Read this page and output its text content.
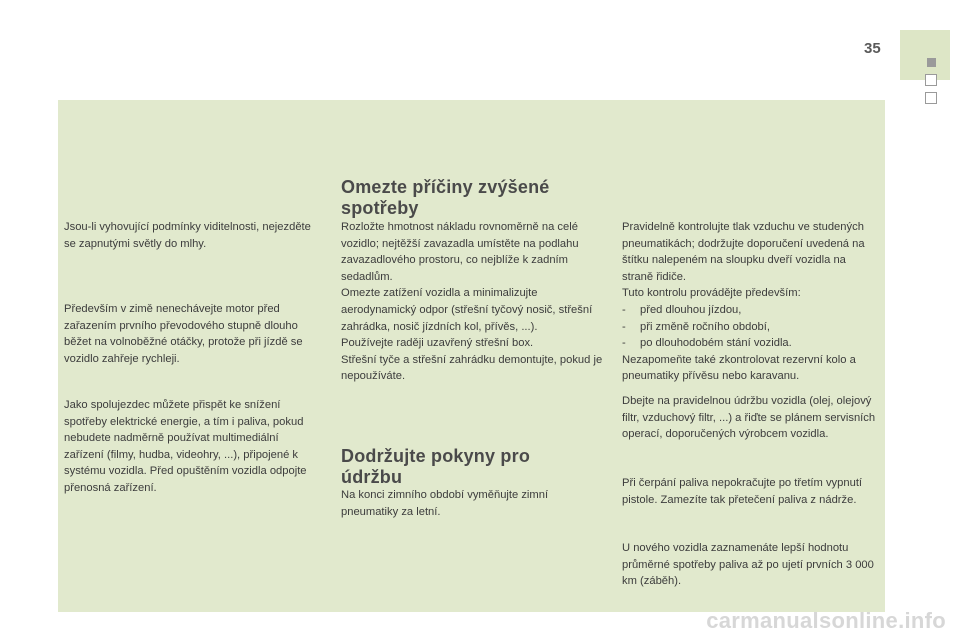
35

Jsou-li vyhovující podmínky viditelnosti, nejezděte se zapnutými světly do mlhy.

Především v zimě nenechávejte motor před zařazením prvního převodového stupně dlouho běžet na volnoběžné otáčky, protože při jízdě se vozidlo zahřeje rychleji.

Jako spolujezdec můžete přispět ke snížení spotřeby elektrické energie, a tím i paliva, pokud nebudete nadměrně používat multimediální zařízení (filmy, hudba, videohry, ...), připojené k systému vozidla. Před opuštěním vozidla odpojte přenosná zařízení.

Omezte příčiny zvýšené
spotřeby

Rozložte hmotnost nákladu rovnoměrně na celé vozidlo; nejtěžší zavazadla umístěte na podlahu zavazadlového prostoru, co nejblíže k zadním sedadlům.

Omezte zatížení vozidla a minimalizujte aerodynamický odpor (střešní tyčový nosič, střešní zahrádka, nosič jízdních kol, přívěs, ...).

Používejte raději uzavřený střešní box.

Střešní tyče a střešní zahrádku demontujte, pokud je nepoužíváte.

Dodržujte pokyny pro
údržbu

Na konci zimního období vyměňujte zimní pneumatiky za letní.

Pravidelně kontrolujte tlak vzduchu ve studených pneumatikách; dodržujte doporučení uvedená na štítku nalepeném na sloupku dveří vozidla na straně řidiče.

Tuto kontrolu provádějte především:

-	před dlouhou jízdou,
-	při změně ročního období,
-	po dlouhodobém stání vozidla.

Nezapomeňte také zkontrolovat rezervní kolo a pneumatiky přívěsu nebo karavanu.

Dbejte na pravidelnou údržbu vozidla (olej, olejový filtr, vzduchový filtr, ...) a řiďte se plánem servisních operací, doporučených výrobcem vozidla.

Při čerpání paliva nepokračujte po třetím vypnutí pistole. Zamezíte tak přetečení paliva z nádrže.

U nového vozidla zaznamenáte lepší hodnotu průměrné spotřeby paliva až po ujetí prvních 3 000 km (záběh).

carmanualsonline.info
